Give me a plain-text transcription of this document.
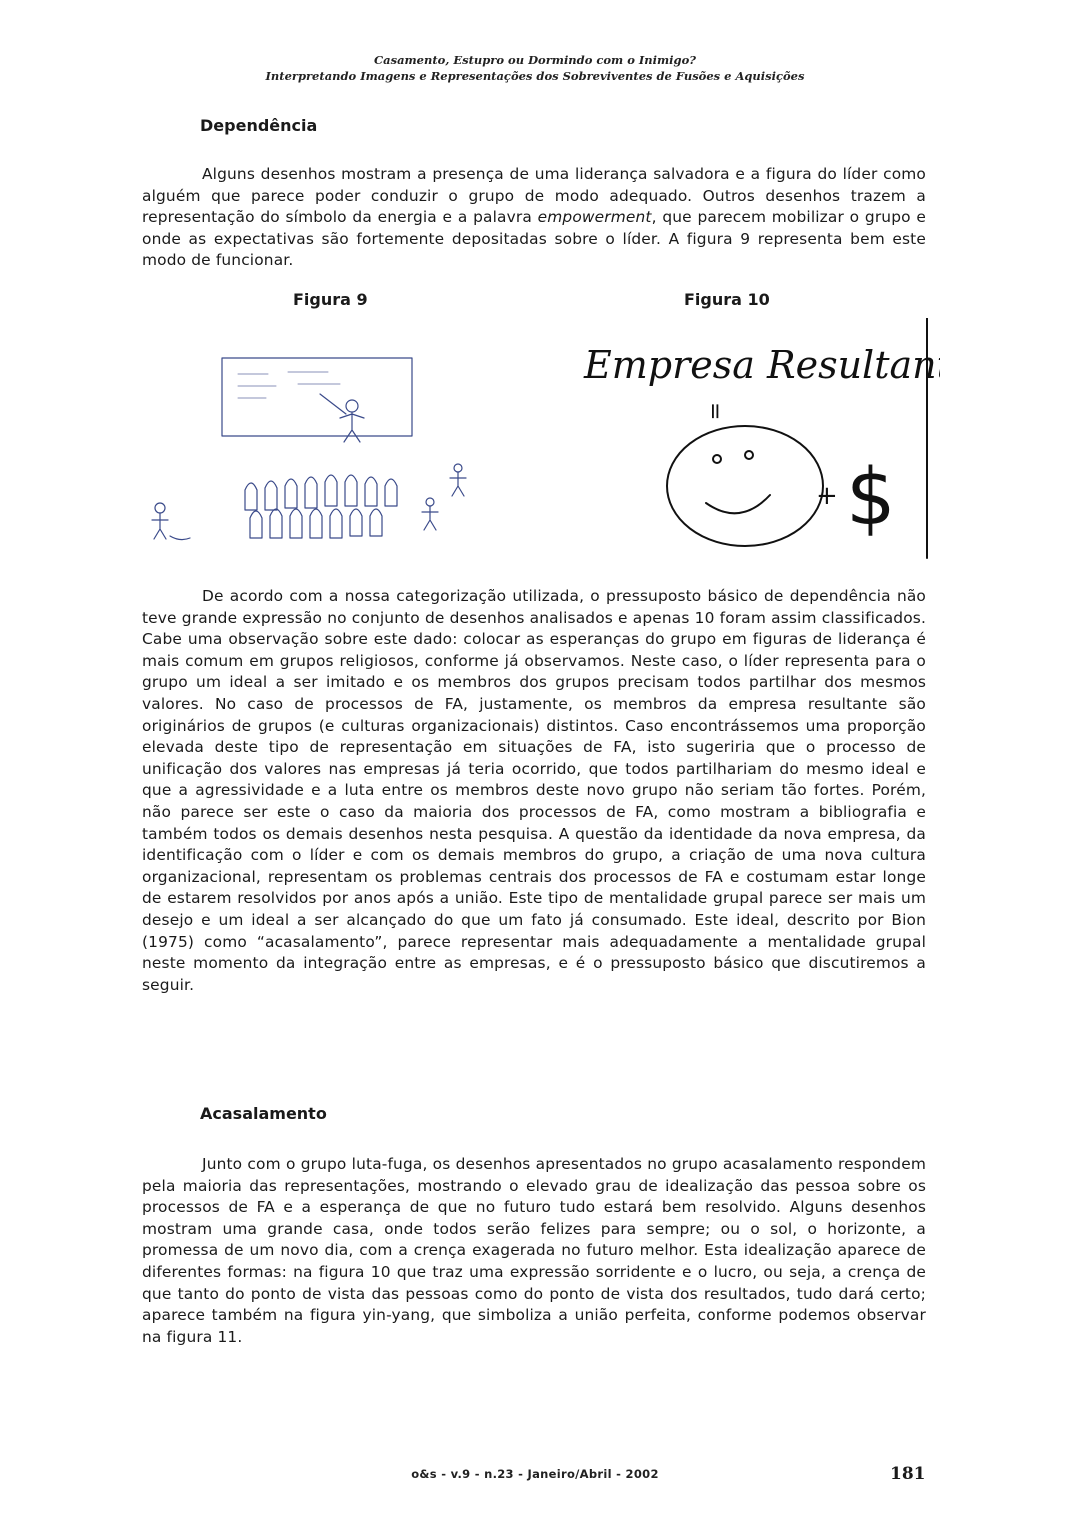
Casamento, Estupro ou Dormindo com o Inimigo?
Interpretando Imagens e Representações dos Sobreviventes de Fusões e Aquisições
Dependência

Alguns desenhos mostram a presença de uma liderança salvadora e a figura do líder como alguém que parece poder conduzir o grupo de modo adequado. Outros desenhos trazem a representação do símbolo da energia e a palavra empowerment, que parecem mobilizar o grupo e onde as expectativas são fortemente depositadas sobre o líder. A figura 9 representa bem este modo de funcionar.

Figura 9	Figura 10
Empresa Resultante
=
+ $

De acordo com a nossa categorização utilizada, o pressuposto básico de dependência não teve grande expressão no conjunto de desenhos analisados e apenas 10 foram assim classificados. Cabe uma observação sobre este dado: colocar as esperanças do grupo em figuras de liderança é mais comum em grupos religiosos, conforme já observamos. Neste caso, o líder representa para o grupo um ideal a ser imitado e os membros dos grupos precisam todos partilhar dos mesmos valores. No caso de processos de FA, justamente, os membros da empresa resultante são originários de grupos (e culturas organizacionais) distintos. Caso encontrássemos uma proporção elevada deste tipo de representação em situações de FA, isto sugeriria que o processo de unificação dos valores nas empresas já teria ocorrido, que todos partilhariam do mesmo ideal e que a agressividade e a luta entre os membros deste novo grupo não seriam tão fortes. Porém, não parece ser este o caso da maioria dos processos de FA, como mostram a bibliografia e também todos os demais desenhos nesta pesquisa. A questão da identidade da nova empresa, da identificação com o líder e com os demais membros do grupo, a criação de uma nova cultura organizacional, representam os problemas centrais dos processos de FA e costumam estar longe de estarem resolvidos por anos após a união. Este tipo de mentalidade grupal parece ser mais um desejo e um ideal a ser alcançado do que um fato já consumado. Este ideal, descrito por Bion (1975) como “acasalamento”, parece representar mais adequadamente a mentalidade grupal neste momento da integração entre as empresas, e é o pressuposto básico que discutiremos a seguir.

Acasalamento

Junto com o grupo luta-fuga, os desenhos apresentados no grupo acasalamento respondem pela maioria das representações, mostrando o elevado grau de idealização das pessoa sobre os processos de FA e a esperança de que no futuro tudo estará bem resolvido. Alguns desenhos mostram uma grande casa, onde todos serão felizes para sempre; ou o sol, o horizonte, a promessa de um novo dia, com a crença exagerada no futuro melhor. Esta idealização aparece de diferentes formas: na figura 10 que traz uma expressão sorridente e o lucro, ou seja, a crença de que tanto do ponto de vista das pessoas como do ponto de vista dos resultados, tudo dará certo; aparece também na figura yin-yang, que simboliza a união perfeita, conforme podemos observar na figura 11.

o&s - v.9 - n.23 - Janeiro/Abril - 2002	181
